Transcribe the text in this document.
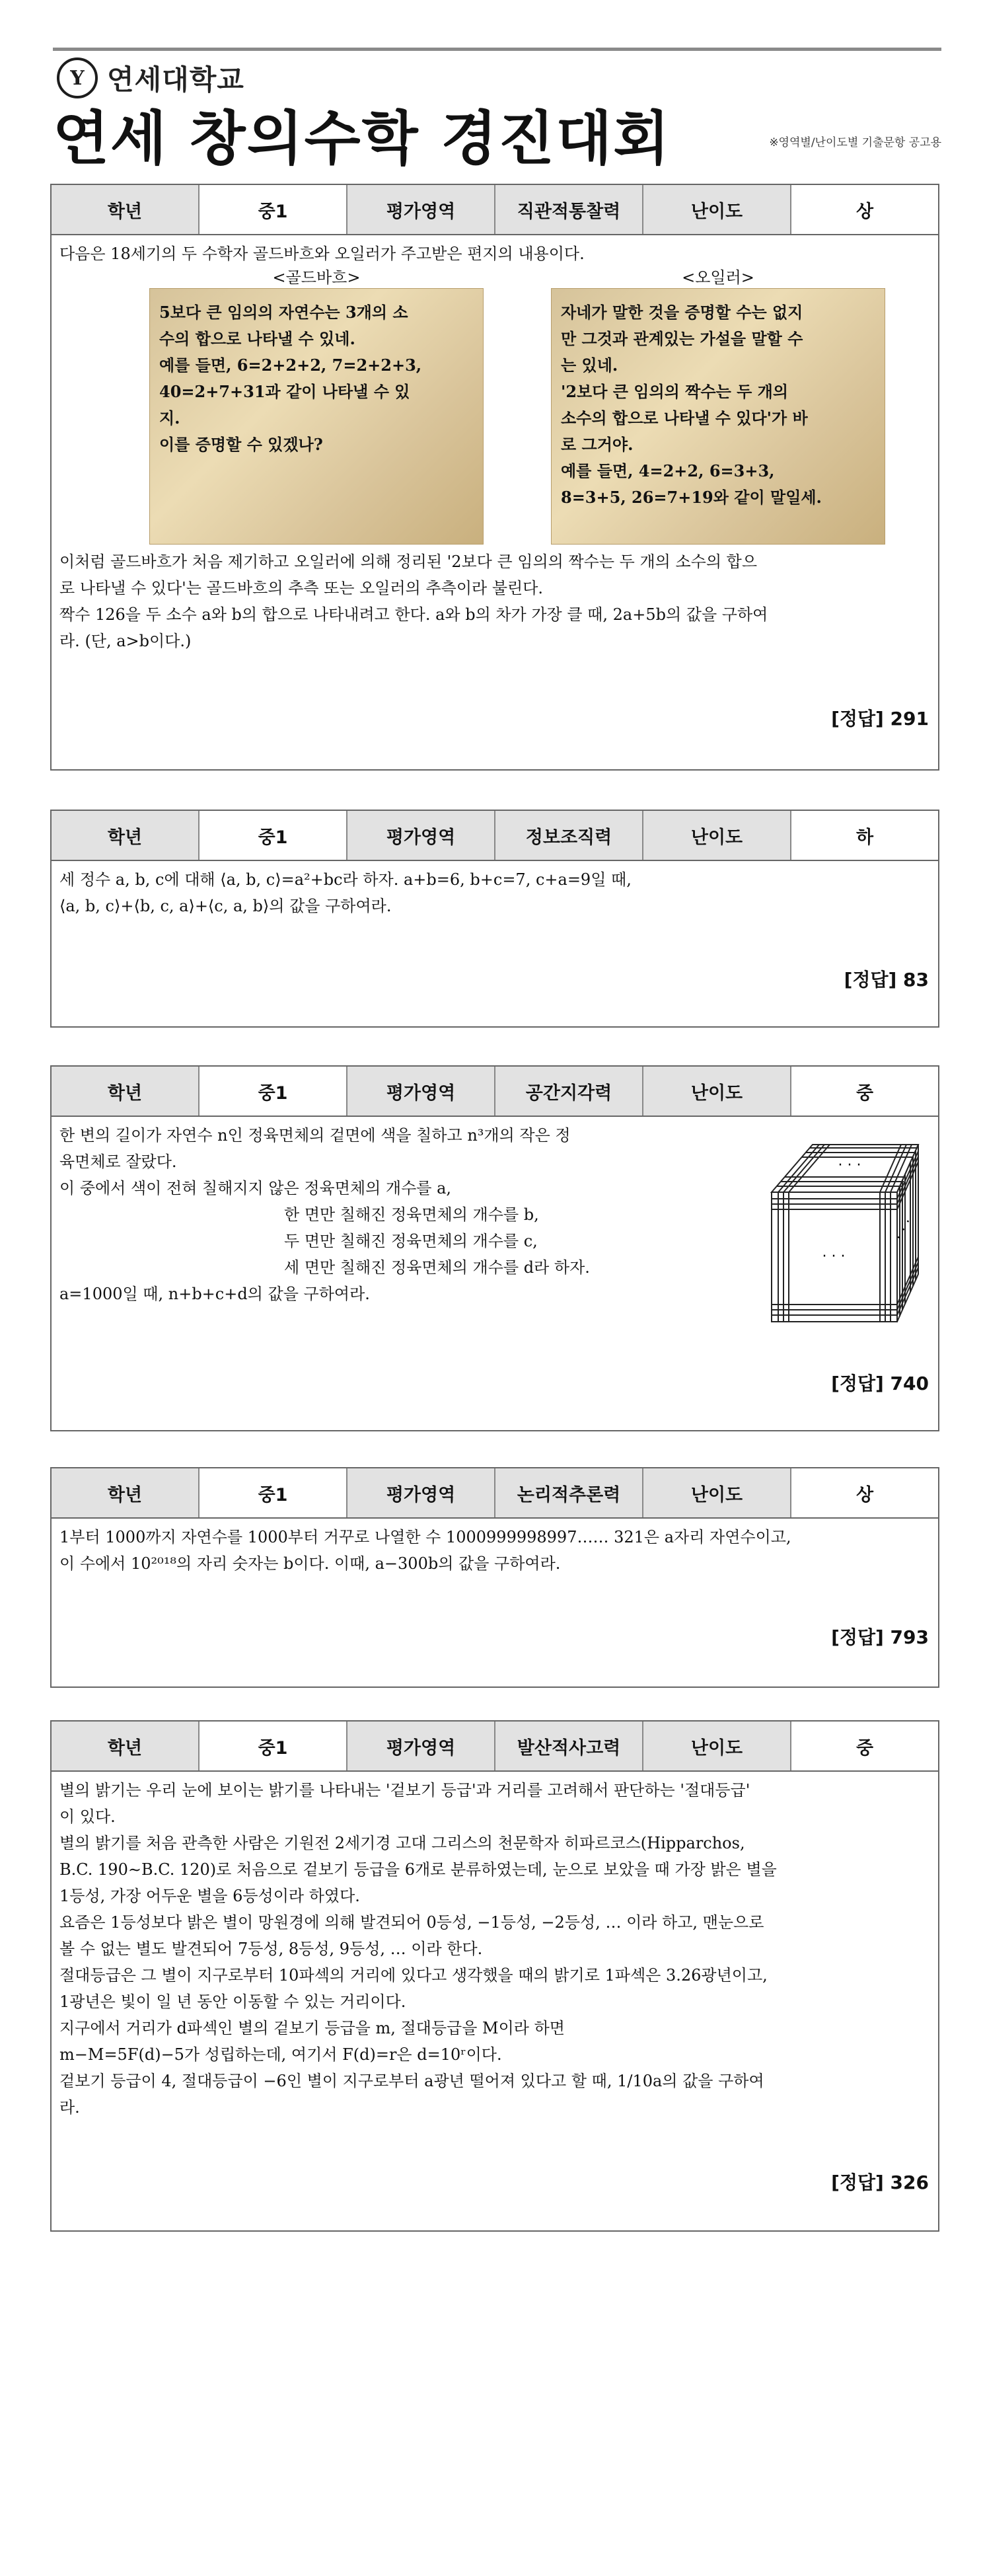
Y 연세대학교
연세 창의수학 경진대회	※영역별/난이도별 기출문항 공고용
학년	중1	평가영역	직관적통찰력	난이도	상
다음은 18세기의 두 수학자 골드바흐와 오일러가 주고받은 편지의 내용이다.
<골드바흐>
5보다 큰 임의의 자연수는 3개의 소
수의 합으로 나타낼 수 있네.
예를 들면, 6=2+2+2, 7=2+2+3,
40=2+7+31과 같이 나타낼 수 있
지.
이를 증명할 수 있겠나?
<오일러>
자네가 말한 것을 증명할 수는 없지
만 그것과 관계있는 가설을 말할 수
는 있네.
'2보다 큰 임의의 짝수는 두 개의
소수의 합으로 나타낼 수 있다'가 바
로 그거야.
예를 들면, 4=2+2, 6=3+3,
8=3+5, 26=7+19와 같이 말일세.
이처럼 골드바흐가 처음 제기하고 오일러에 의해 정리된 '2보다 큰 임의의 짝수는 두 개의 소수의 합으
로 나타낼 수 있다'는 골드바흐의 추측 또는 오일러의 추측이라 불린다.
짝수 126을 두 소수 a와 b의 합으로 나타내려고 한다. a와 b의 차가 가장 클 때, 2a+5b의 값을 구하여
라. (단, a>b이다.)
[정답] 291
학년	중1	평가영역	정보조직력	난이도	하
세 정수 a, b, c에 대해 ⟨a, b, c⟩=a²+bc라 하자. a+b=6, b+c=7, c+a=9일 때,
⟨a, b, c⟩+⟨b, c, a⟩+⟨c, a, b⟩의 값을 구하여라.
[정답] 83
학년	중1	평가영역	공간지각력	난이도	중
한 변의 길이가 자연수 n인 정육면체의 겉면에 색을 칠하고 n³개의 작은 정
육면체로 잘랐다.
이 중에서 색이 전혀 칠해지지 않은 정육면체의 개수를 a,
한 면만 칠해진 정육면체의 개수를 b,
두 면만 칠해진 정육면체의 개수를 c,
세 면만 칠해진 정육면체의 개수를 d라 하자.
a=1000일 때, n+b+c+d의 값을 구하여라.
· · ·
· · ·
· · ·
[정답] 740
학년	중1	평가영역	논리적추론력	난이도	상
1부터 1000까지 자연수를 1000부터 거꾸로 나열한 수 1000999998997…… 321은 a자리 자연수이고,
이 수에서 10²⁰¹⁸의 자리 숫자는 b이다. 이때, a−300b의 값을 구하여라.
[정답] 793
학년	중1	평가영역	발산적사고력	난이도	중
별의 밝기는 우리 눈에 보이는 밝기를 나타내는 '겉보기 등급'과 거리를 고려해서 판단하는 '절대등급'
이 있다.
별의 밝기를 처음 관측한 사람은 기원전 2세기경 고대 그리스의 천문학자 히파르코스(Hipparchos,
B.C. 190∼B.C. 120)로 처음으로 겉보기 등급을 6개로 분류하였는데, 눈으로 보았을 때 가장 밝은 별을
1등성, 가장 어두운 별을 6등성이라 하였다.
요즘은 1등성보다 밝은 별이 망원경에 의해 발견되어 0등성, −1등성, −2등성, … 이라 하고, 맨눈으로
볼 수 없는 별도 발견되어 7등성, 8등성, 9등성, … 이라 한다.
절대등급은 그 별이 지구로부터 10파섹의 거리에 있다고 생각했을 때의 밝기로 1파섹은 3.26광년이고,
1광년은 빛이 일 년 동안 이동할 수 있는 거리이다.
지구에서 거리가 d파섹인 별의 겉보기 등급을 m, 절대등급을 M이라 하면
m−M=5F(d)−5가 성립하는데, 여기서 F(d)=r은 d=10ʳ이다.
겉보기 등급이 4, 절대등급이 −6인 별이 지구로부터 a광년 떨어져 있다고 할 때, 1/10a의 값을 구하여
라.
[정답] 326
